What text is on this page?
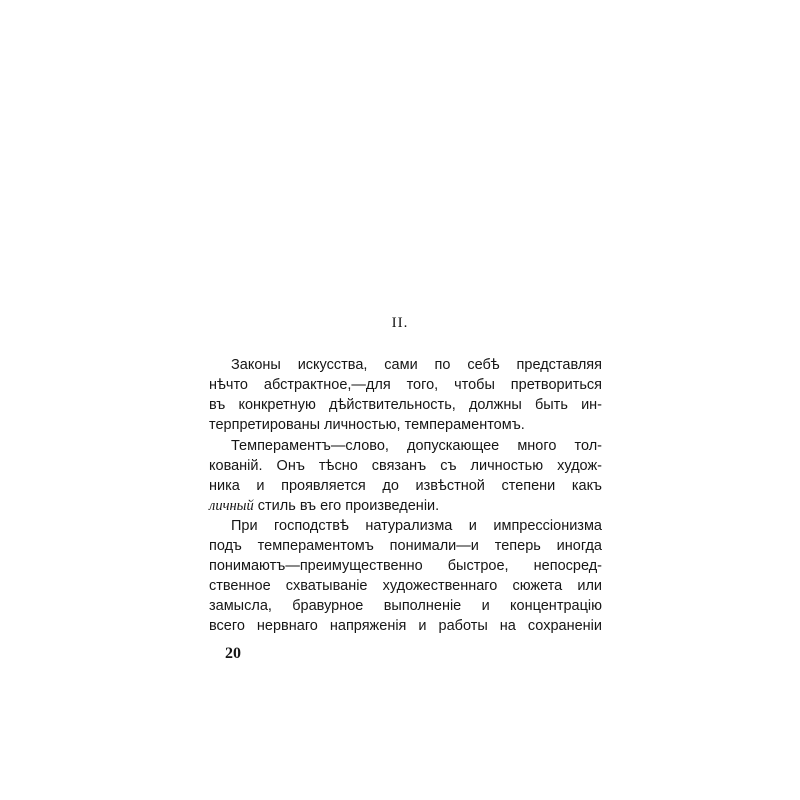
II.
Законы искусства, сами по себѣ представляя
нѣчто абстрактное,—для того, чтобы претвориться
въ конкретную дѣйствительность, должны быть ин-
терпретированы личностью, темпераментомъ.
Темпераментъ—слово, допускающее много тол-
кованій. Онъ тѣсно связанъ съ личностью худож-
ника и проявляется до извѣстной степени какъ
личный стиль въ его произведеніи.
При господствѣ натурализма и импрессіонизма
подъ темпераментомъ понимали—и теперь иногда
понимаютъ—преимущественно быстрое, непосред-
ственное схватываніе художественнаго сюжета или
замысла, бравурное выполненіе и концентрацію
всего нервнаго напряженія и работы на сохраненіи
20
